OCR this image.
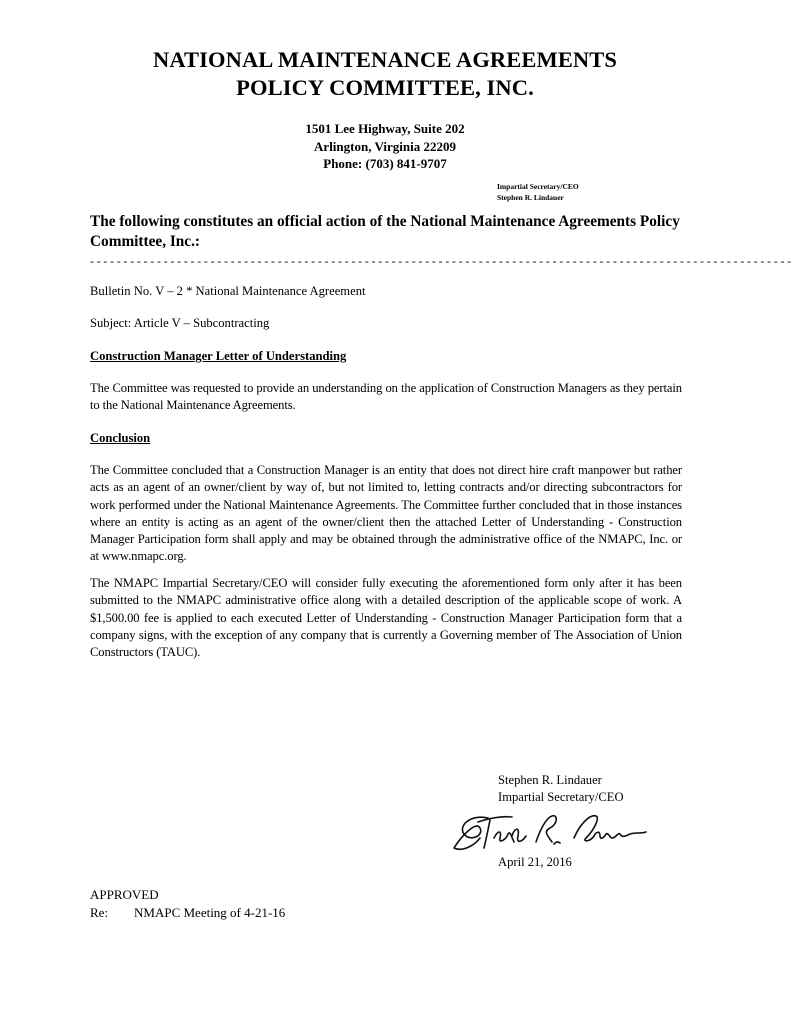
NATIONAL MAINTENANCE AGREEMENTS
POLICY COMMITTEE, INC.
1501 Lee Highway, Suite 202
Arlington, Virginia 22209
Phone: (703) 841-9707
Impartial Secretary/CEO
Stephen R. Lindauer
The following constitutes an official action of the National Maintenance Agreements Policy Committee, Inc.:
- - - - - - - - - - - - - - - - - - - - - - - - - - - - - - - - - - - - - - - - - - - - - - - - - - - - - - - - - - - - - - - - - - - - - - - - - - - - - - - - - - - - - - - - - - - - - - - - - - - - - - - - -
Bulletin No. V – 2 * National Maintenance Agreement
Subject: Article V – Subcontracting
Construction Manager Letter of Understanding
The Committee was requested to provide an understanding on the application of Construction Managers as they pertain to the National Maintenance Agreements.
Conclusion
The Committee concluded that a Construction Manager is an entity that does not direct hire craft manpower but rather acts as an agent of an owner/client by way of, but not limited to, letting contracts and/or directing subcontractors for work performed under the National Maintenance Agreements. The Committee further concluded that in those instances where an entity is acting as an agent of the owner/client then the attached Letter of Understanding - Construction Manager Participation form shall apply and may be obtained through the administrative office of the NMAPC, Inc. or at www.nmapc.org.
The NMAPC Impartial Secretary/CEO will consider fully executing the aforementioned form only after it has been submitted to the NMAPC administrative office along with a detailed description of the applicable scope of work. A $1,500.00 fee is applied to each executed Letter of Understanding - Construction Manager Participation form that a company signs, with the exception of any company that is currently a Governing member of The Association of Union Constructors (TAUC).
Stephen R. Lindauer
Impartial Secretary/CEO
April 21, 2016
APPROVED
Re: NMAPC Meeting of 4-21-16
